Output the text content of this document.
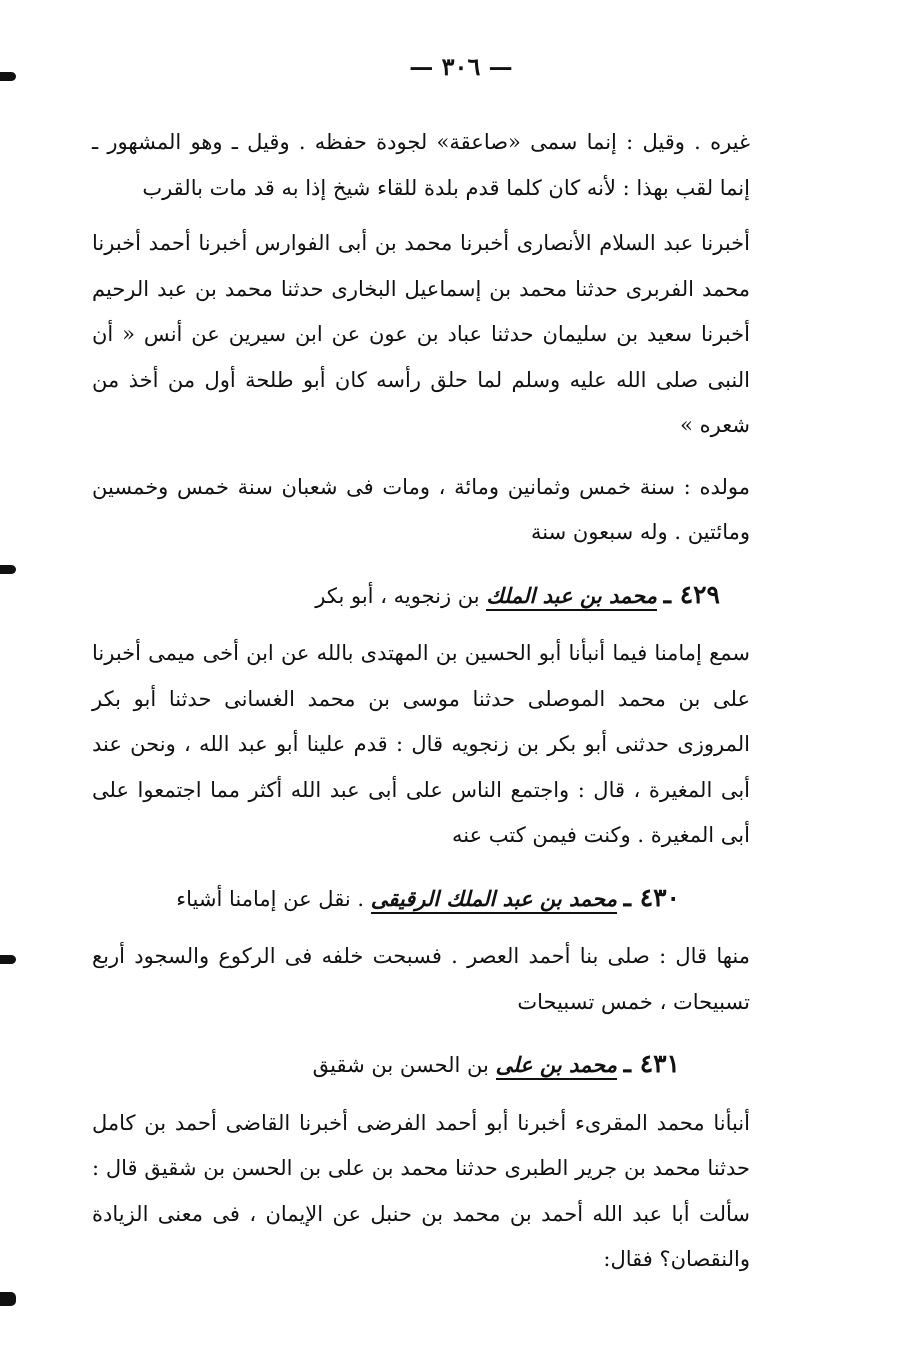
— ٣٠٦ —

غيره . وقيل : إنما سمى «صاعقة» لجودة حفظه . وقيل ـ وهو المشهور ـ إنما لقب بهذا : لأنه كان كلما قدم بلدة للقاء شيخ إذا به قد مات بالقرب

أخبرنا عبد السلام الأنصارى أخبرنا محمد بن أبى الفوارس أخبرنا أحمد أخبرنا محمد الفربرى حدثنا محمد بن إسماعيل البخارى حدثنا محمد بن عبد الرحيم أخبرنا سعيد بن سليمان حدثنا عباد بن عون عن ابن سيرين عن أنس « أن النبى صلى الله عليه وسلم لما حلق رأسه كان أبو طلحة أول من أخذ من شعره »

مولده : سنة خمس وثمانين ومائة ، ومات فى شعبان سنة خمس وخمسين ومائتين . وله سبعون سنة

٤٢٩ ـ محمد بن عبد الملك بن زنجويه ، أبو بكر

سمع إمامنا فيما أنبأنا أبو الحسين بن المهتدى بالله عن ابن أخى ميمى أخبرنا على بن محمد الموصلى حدثنا موسى بن محمد الغسانى حدثنا أبو بكر المروزى حدثنى أبو بكر بن زنجويه قال : قدم علينا أبو عبد الله ، ونحن عند أبى المغيرة ، قال : واجتمع الناس على أبى عبد الله أكثر مما اجتمعوا على أبى المغيرة . وكنت فيمن كتب عنه

٤٣٠ ـ محمد بن عبد الملك الرقيقى . نقل عن إمامنا أشياء

منها قال : صلى بنا أحمد العصر . فسبحت خلفه فى الركوع والسجود أربع تسبيحات ، خمس تسبيحات

٤٣١ ـ محمد بن على بن الحسن بن شقيق

أنبأنا محمد المقرىء أخبرنا أبو أحمد الفرضى أخبرنا القاضى أحمد بن كامل حدثنا محمد بن جرير الطبرى حدثنا محمد بن على بن الحسن بن شقيق قال : سألت أبا عبد الله أحمد بن محمد بن حنبل عن الإيمان ، فى معنى الزيادة والنقصان؟ فقال:
